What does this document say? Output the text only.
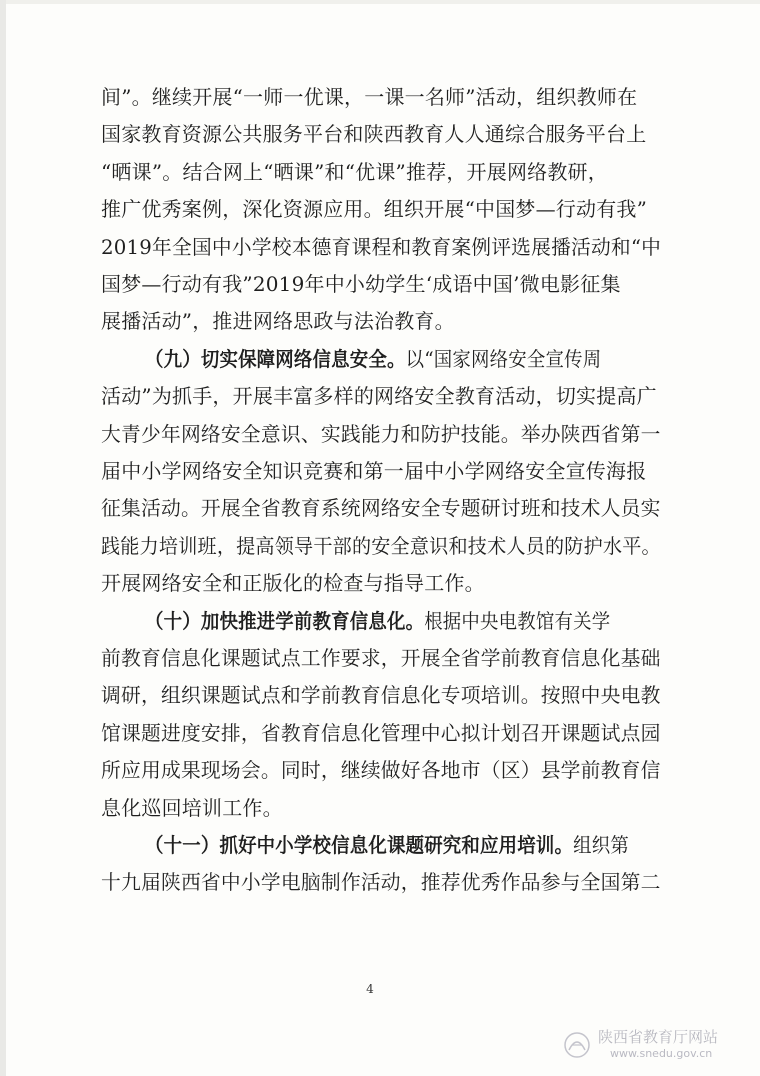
间”。继续开展“一师一优课，一课一名师”活动，组织教师在
国家教育资源公共服务平台和陕西教育人人通综合服务平台上
“晒课”。结合网上“晒课”和“优课”推荐，开展网络教研，
推广优秀案例，深化资源应用。组织开展“中国梦—行动有我”
2019年全国中小学校本德育课程和教育案例评选展播活动和“中
国梦—行动有我”2019年中小幼学生‘成语中国’微电影征集
展播活动”，推进网络思政与法治教育。
（九）切实保障网络信息安全。以“国家网络安全宣传周
活动”为抓手，开展丰富多样的网络安全教育活动，切实提高广
大青少年网络安全意识、实践能力和防护技能。举办陕西省第一
届中小学网络安全知识竞赛和第一届中小学网络安全宣传海报
征集活动。开展全省教育系统网络安全专题研讨班和技术人员实
践能力培训班，提高领导干部的安全意识和技术人员的防护水平。
开展网络安全和正版化的检查与指导工作。
（十）加快推进学前教育信息化。根据中央电教馆有关学
前教育信息化课题试点工作要求，开展全省学前教育信息化基础
调研，组织课题试点和学前教育信息化专项培训。按照中央电教
馆课题进度安排，省教育信息化管理中心拟计划召开课题试点园
所应用成果现场会。同时，继续做好各地市（区）县学前教育信
息化巡回培训工作。
（十一）抓好中小学校信息化课题研究和应用培训。组织第
十九届陕西省中小学电脑制作活动，推荐优秀作品参与全国第二
4
陕西省教育厅网站
www.snedu.gov.cn
